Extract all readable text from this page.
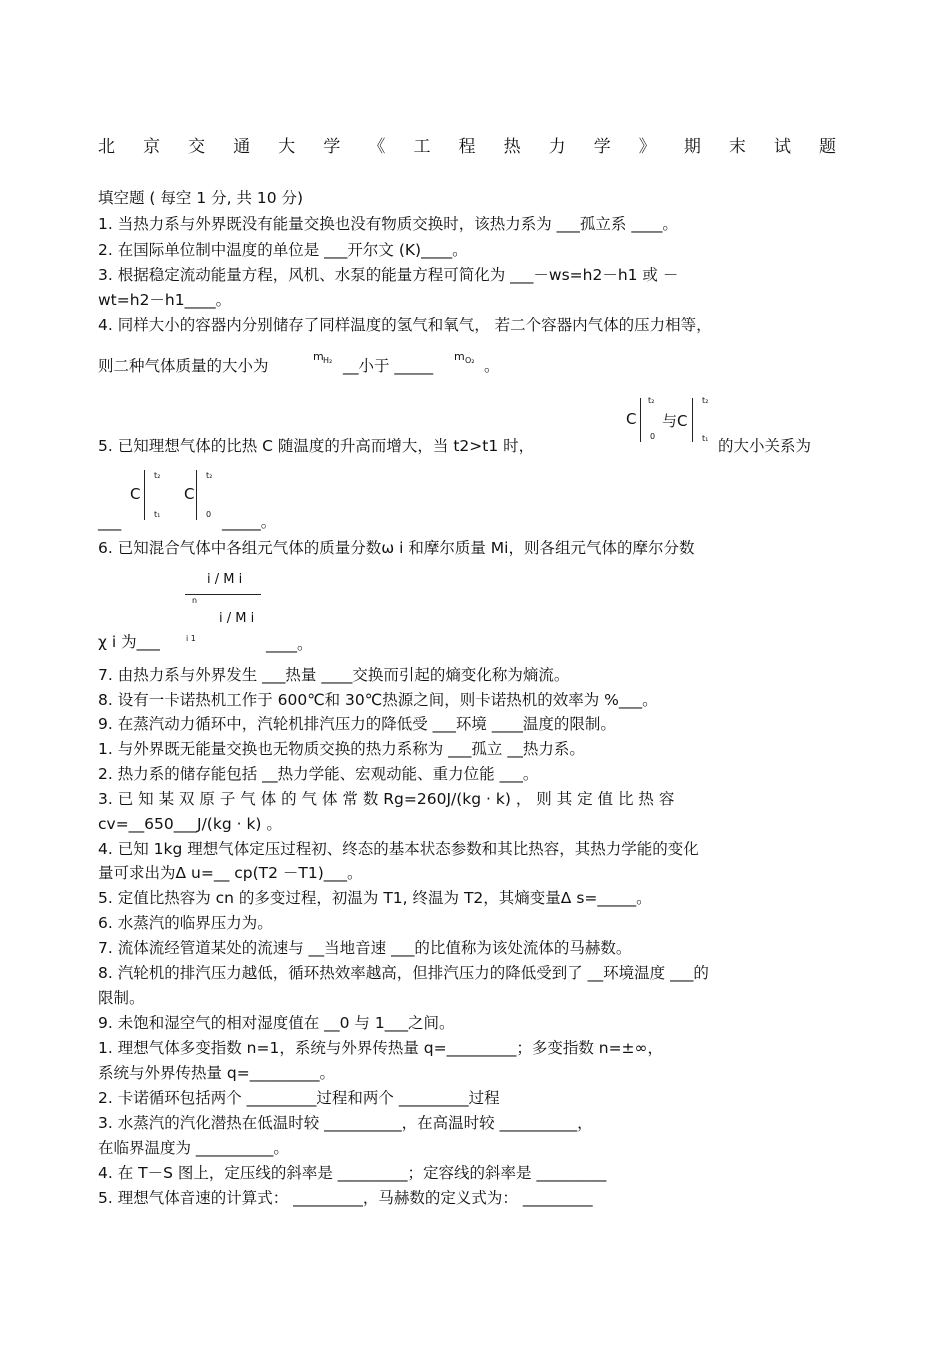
北 京 交 通 大 学 《 工 程 热 力 学 》 期 末 试 题
填空题 ( 每空 1 分, 共 10 分)
1. 当热力系与外界既没有能量交换也没有物质交换时，该热力系为 ___孤立系 ____。
2. 在国际单位制中温度的单位是 ___开尔文 (K)____。
3. 根据稳定流动能量方程，风机、水泵的能量方程可简化为 ___－ws=h2－h1 或 －
wt=h2－h1____。
4. 同样大小的容器内分别储存了同样温度的氢气和氧气， 若二个容器内气体的压力相等，
则二种气体质量的大小为
m H₂ __小于 _____
m O₂ 。
C
t₂
0
与C
t₂
t₁
5. 已知理想气体的比热 C 随温度的升高而增大，当 t2>t1 时，	的大小关系为
C
t₂
t₁
C
t₂
0
___	_____。
6. 已知混合气体中各组元气体的质量分数ω i 和摩尔质量 Mi，则各组元气体的摩尔分数
i / M i
n
i / M i
χ i 为___	i 1	____。
7. 由热力系与外界发生 ___热量 ____交换而引起的熵变化称为熵流。
8. 设有一卡诺热机工作于 600℃和 30℃热源之间，则卡诺热机的效率为 %___。
9. 在蒸汽动力循环中，汽轮机排汽压力的降低受 ___环境 ____温度的限制。
1. 与外界既无能量交换也无物质交换的热力系称为 ___孤立 __热力系。
2. 热力系的储存能包括 __热力学能、宏观动能、重力位能 ___。
3. 已 知 某 双 原 子 气 体 的 气 体 常 数 Rg=260J/(kg · k) ， 则 其 定 值 比 热 容
cv=__650___J/(kg · k) 。
4. 已知 1kg 理想气体定压过程初、终态的基本状态参数和其比热容，其热力学能的变化
量可求出为Δ u=__ cp(T2 －T1)___。
5. 定值比热容为 cn 的多变过程，初温为 T1, 终温为 T2，其熵变量Δ s=_____。
6. 水蒸汽的临界压力为。
7. 流体流经管道某处的流速与 __当地音速 ___的比值称为该处流体的马赫数。
8. 汽轮机的排汽压力越低，循环热效率越高，但排汽压力的降低受到了 __环境温度 ___的
限制。
9. 未饱和湿空气的相对湿度值在 __0 与 1___之间。
1. 理想气体多变指数 n=1，系统与外界传热量 q=_________；多变指数 n=±∞，
系统与外界传热量 q=_________。
2. 卡诺循环包括两个 _________过程和两个 _________过程
3. 水蒸汽的汽化潜热在低温时较 __________，在高温时较 __________，
在临界温度为 __________。
4. 在 T－S 图上，定压线的斜率是 _________；定容线的斜率是 _________
5. 理想气体音速的计算式： _________，马赫数的定义式为： _________
